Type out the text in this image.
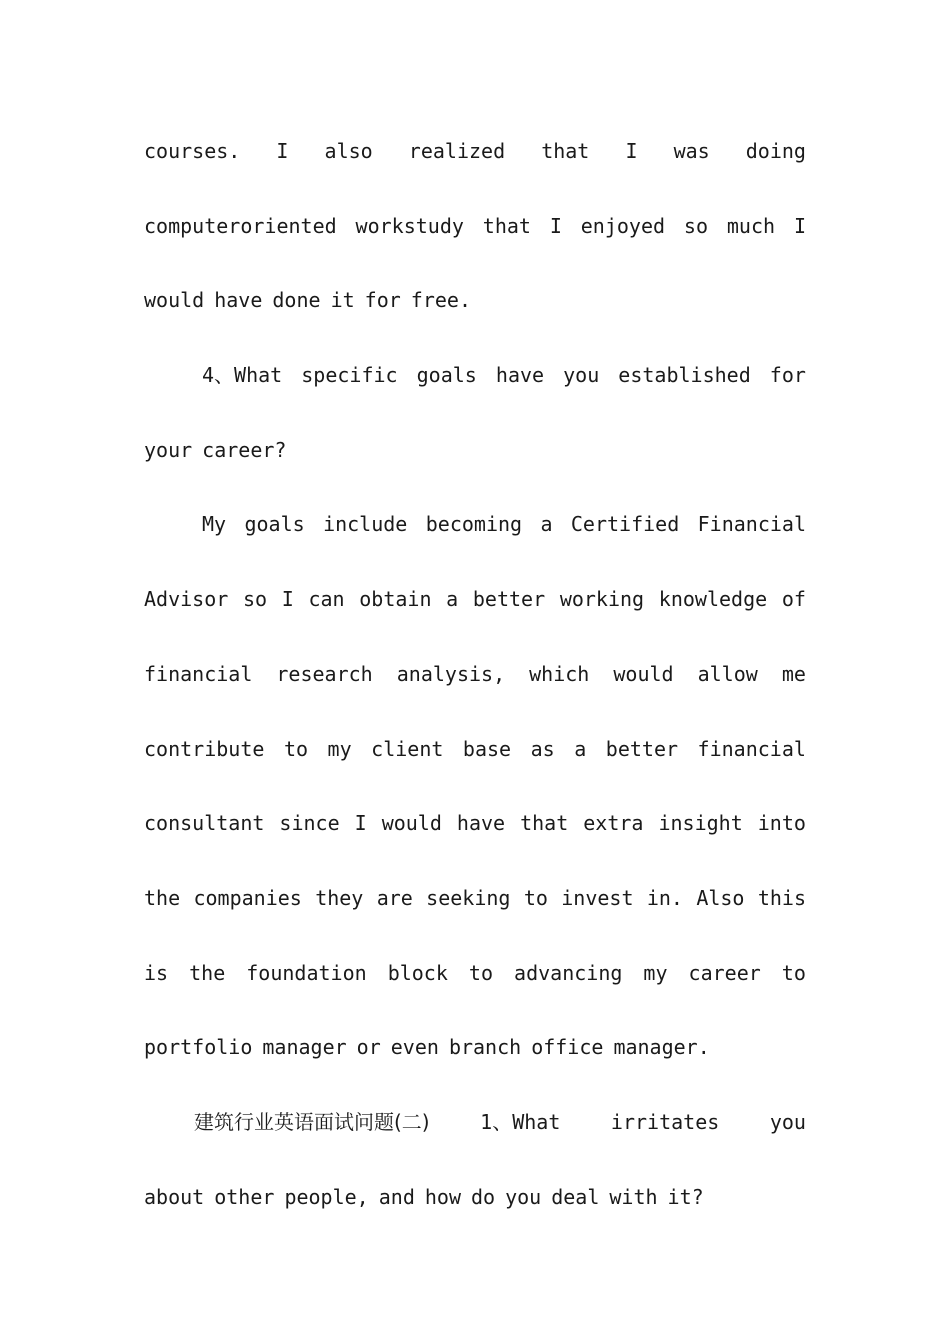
courses. I also realized that I was doing
computeroriented workstudy that I enjoyed so much I
would have done it for free.
4、What specific goals have you established for
your career?
My goals include becoming a Certified Financial
Advisor so I can obtain a better working knowledge of
financial research analysis, which would allow me
contribute to my client base as a better financial
consultant since I would have that extra insight into
the companies they are seeking to invest in. Also this
is the foundation block to advancing my career to
portfolio manager or even branch office manager.
建筑行业英语面试问题(二)	1、What	irritates	you
about other people, and how do you deal with it?
